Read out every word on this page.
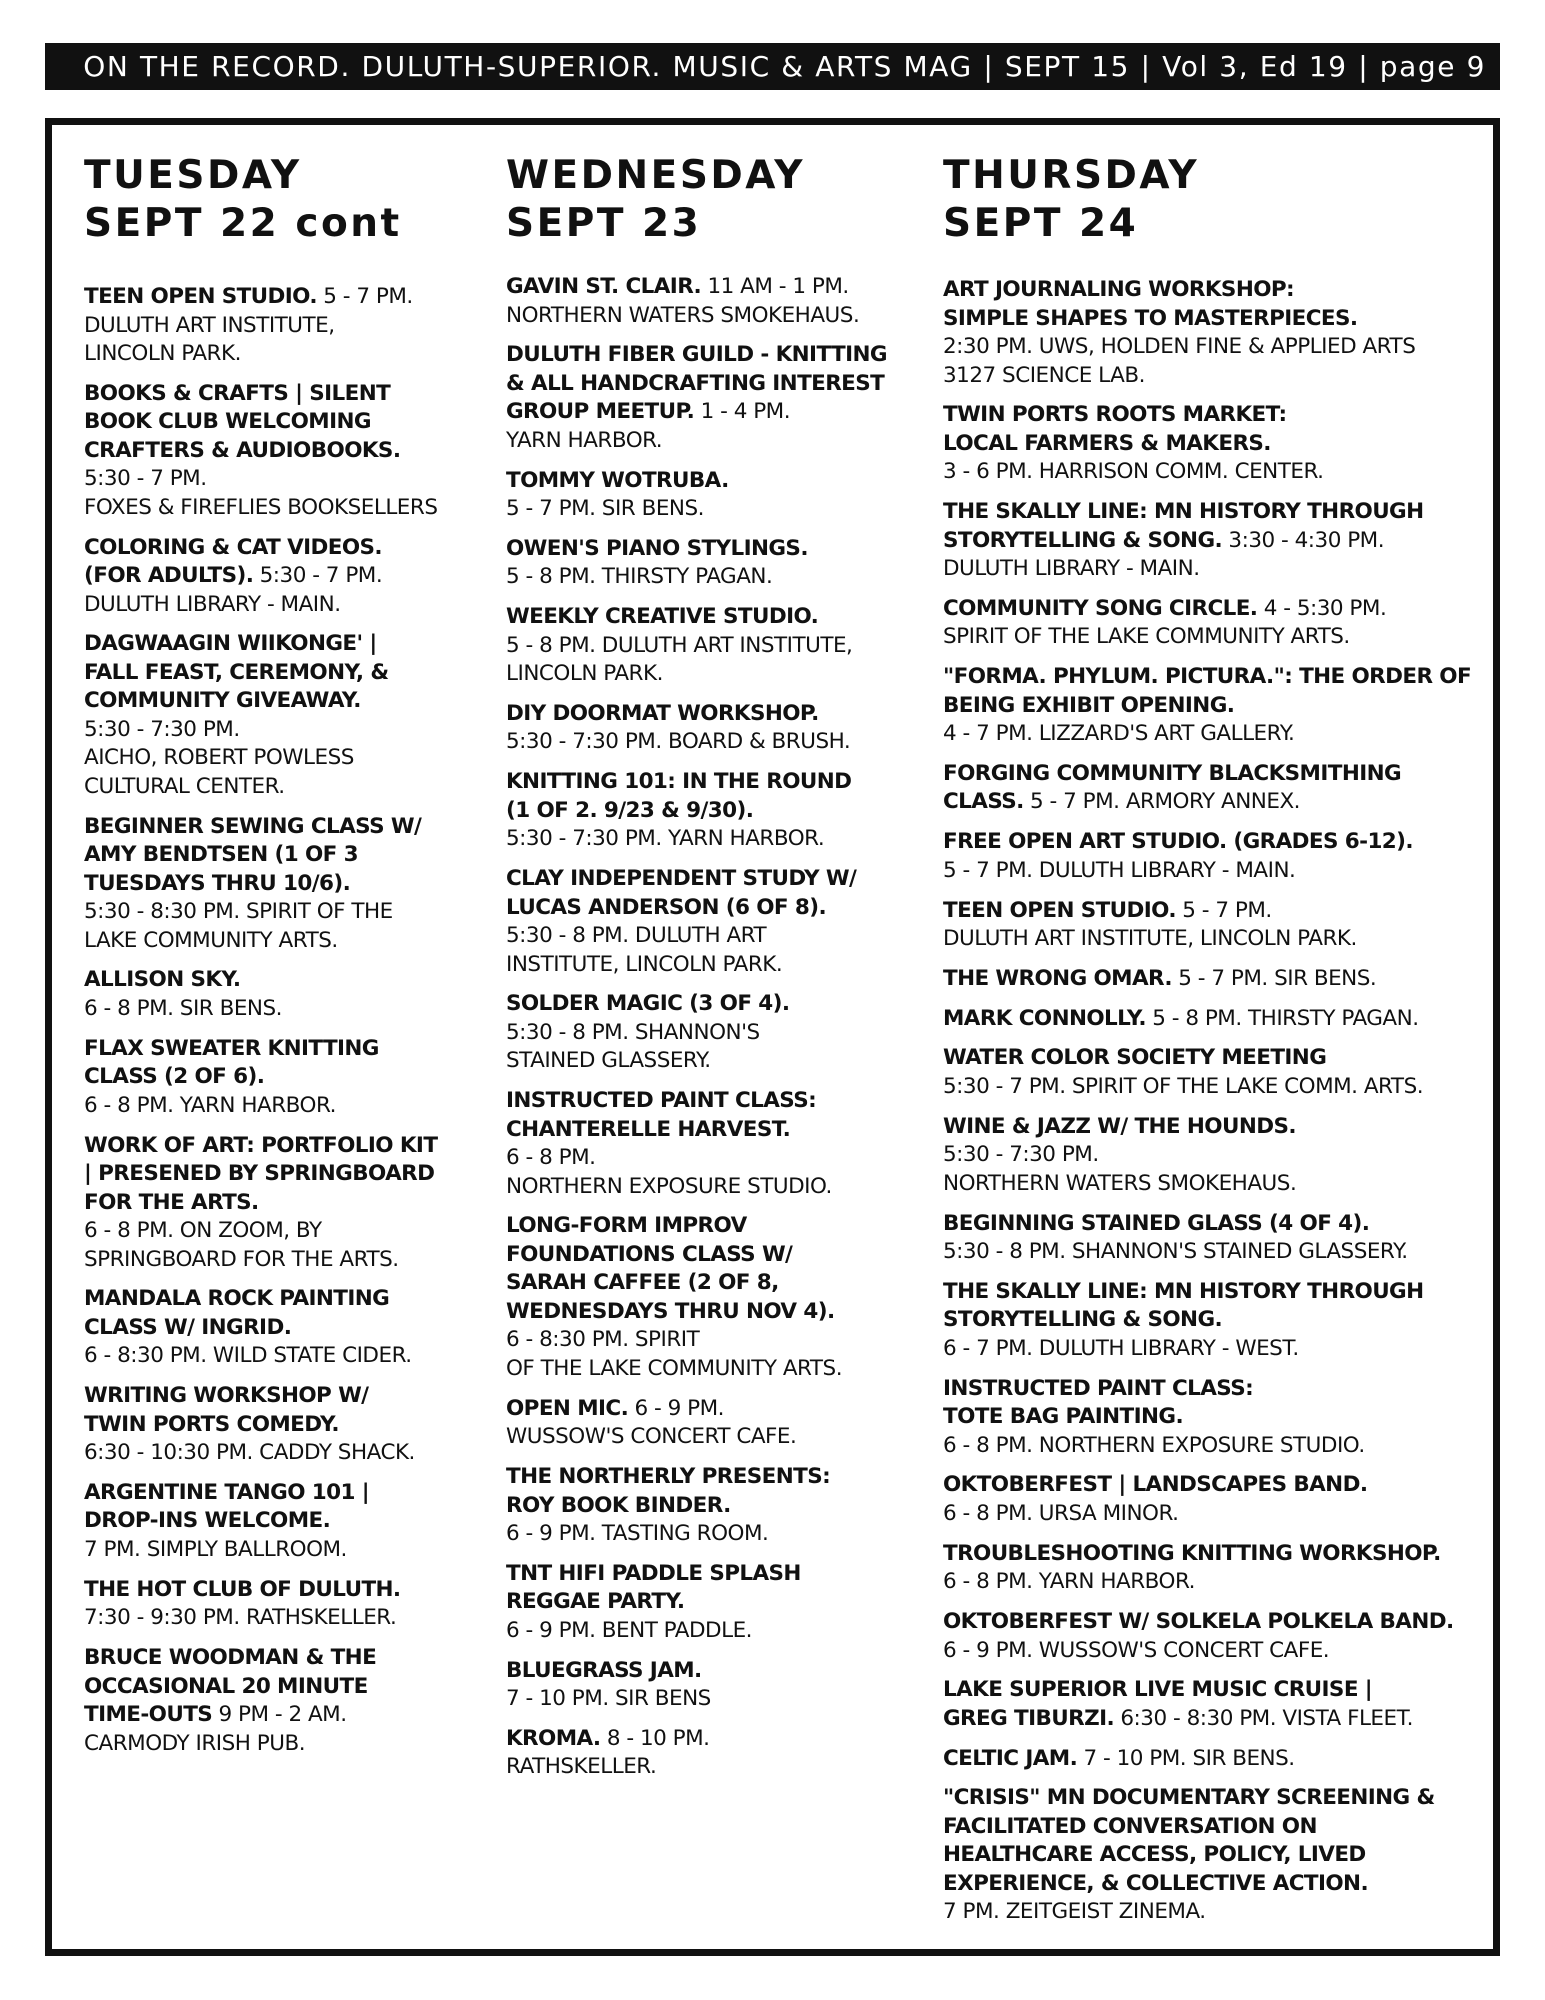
ON THE RECORD. DULUTH-SUPERIOR. MUSIC & ARTS MAG | SEPT 15 | Vol 3, Ed 19 | page 9
TUESDAY
SEPT 22 cont
TEEN OPEN STUDIO. 5 - 7 PM.
DULUTH ART INSTITUTE,
LINCOLN PARK.
BOOKS & CRAFTS | SILENT
BOOK CLUB WELCOMING
CRAFTERS & AUDIOBOOKS.
5:30 - 7 PM.
FOXES & FIREFLIES BOOKSELLERS
COLORING & CAT VIDEOS.
(FOR ADULTS). 5:30 - 7 PM.
DULUTH LIBRARY - MAIN.
DAGWAAGIN WIIKONGE' |
FALL FEAST, CEREMONY, &
COMMUNITY GIVEAWAY.
5:30 - 7:30 PM.
AICHO, ROBERT POWLESS
CULTURAL CENTER.
BEGINNER SEWING CLASS W/
AMY BENDTSEN (1 OF 3
TUESDAYS THRU 10/6).
5:30 - 8:30 PM. SPIRIT OF THE
LAKE COMMUNITY ARTS.
ALLISON SKY.
6 - 8 PM. SIR BENS.
FLAX SWEATER KNITTING
CLASS (2 OF 6).
6 - 8 PM. YARN HARBOR.
WORK OF ART: PORTFOLIO KIT
| PRESENED BY SPRINGBOARD
FOR THE ARTS.
6 - 8 PM. ON ZOOM, BY
SPRINGBOARD FOR THE ARTS.
MANDALA ROCK PAINTING
CLASS W/ INGRID.
6 - 8:30 PM. WILD STATE CIDER.
WRITING WORKSHOP W/
TWIN PORTS COMEDY.
6:30 - 10:30 PM. CADDY SHACK.
ARGENTINE TANGO 101 |
DROP-INS WELCOME.
7 PM. SIMPLY BALLROOM.
THE HOT CLUB OF DULUTH.
7:30 - 9:30 PM. RATHSKELLER.
BRUCE WOODMAN & THE
OCCASIONAL 20 MINUTE
TIME-OUTS 9 PM - 2 AM.
CARMODY IRISH PUB.
WEDNESDAY
SEPT 23
GAVIN ST. CLAIR. 11 AM - 1 PM.
NORTHERN WATERS SMOKEHAUS.
DULUTH FIBER GUILD - KNITTING
& ALL HANDCRAFTING INTEREST
GROUP MEETUP. 1 - 4 PM.
YARN HARBOR.
TOMMY WOTRUBA.
5 - 7 PM. SIR BENS.
OWEN'S PIANO STYLINGS.
5 - 8 PM. THIRSTY PAGAN.
WEEKLY CREATIVE STUDIO.
5 - 8 PM. DULUTH ART INSTITUTE,
LINCOLN PARK.
DIY DOORMAT WORKSHOP.
5:30 - 7:30 PM. BOARD & BRUSH.
KNITTING 101: IN THE ROUND
(1 OF 2. 9/23 & 9/30).
5:30 - 7:30 PM. YARN HARBOR.
CLAY INDEPENDENT STUDY W/
LUCAS ANDERSON (6 OF 8).
5:30 - 8 PM. DULUTH ART
INSTITUTE, LINCOLN PARK.
SOLDER MAGIC (3 OF 4).
5:30 - 8 PM. SHANNON'S
STAINED GLASSERY.
INSTRUCTED PAINT CLASS:
CHANTERELLE HARVEST.
6 - 8 PM.
NORTHERN EXPOSURE STUDIO.
LONG-FORM IMPROV
FOUNDATIONS CLASS W/
SARAH CAFFEE (2 OF 8,
WEDNESDAYS THRU NOV 4).
6 - 8:30 PM. SPIRIT
OF THE LAKE COMMUNITY ARTS.
OPEN MIC. 6 - 9 PM.
WUSSOW'S CONCERT CAFE.
THE NORTHERLY PRESENTS:
ROY BOOK BINDER.
6 - 9 PM. TASTING ROOM.
TNT HIFI PADDLE SPLASH
REGGAE PARTY.
6 - 9 PM. BENT PADDLE.
BLUEGRASS JAM.
7 - 10 PM. SIR BENS
KROMA. 8 - 10 PM.
RATHSKELLER.
THURSDAY
SEPT 24
ART JOURNALING WORKSHOP:
SIMPLE SHAPES TO MASTERPIECES.
2:30 PM. UWS, HOLDEN FINE & APPLIED ARTS
3127 SCIENCE LAB.
TWIN PORTS ROOTS MARKET:
LOCAL FARMERS & MAKERS.
3 - 6 PM. HARRISON COMM. CENTER.
THE SKALLY LINE: MN HISTORY THROUGH
STORYTELLING & SONG. 3:30 - 4:30 PM.
DULUTH LIBRARY - MAIN.
COMMUNITY SONG CIRCLE. 4 - 5:30 PM.
SPIRIT OF THE LAKE COMMUNITY ARTS.
"FORMA. PHYLUM. PICTURA.": THE ORDER OF
BEING EXHIBIT OPENING.
4 - 7 PM. LIZZARD'S ART GALLERY.
FORGING COMMUNITY BLACKSMITHING
CLASS. 5 - 7 PM. ARMORY ANNEX.
FREE OPEN ART STUDIO. (GRADES 6-12).
5 - 7 PM. DULUTH LIBRARY - MAIN.
TEEN OPEN STUDIO. 5 - 7 PM.
DULUTH ART INSTITUTE, LINCOLN PARK.
THE WRONG OMAR. 5 - 7 PM. SIR BENS.
MARK CONNOLLY. 5 - 8 PM. THIRSTY PAGAN.
WATER COLOR SOCIETY MEETING
5:30 - 7 PM. SPIRIT OF THE LAKE COMM. ARTS.
WINE & JAZZ W/ THE HOUNDS.
5:30 - 7:30 PM.
NORTHERN WATERS SMOKEHAUS.
BEGINNING STAINED GLASS (4 OF 4).
5:30 - 8 PM. SHANNON'S STAINED GLASSERY.
THE SKALLY LINE: MN HISTORY THROUGH
STORYTELLING & SONG.
6 - 7 PM. DULUTH LIBRARY - WEST.
INSTRUCTED PAINT CLASS:
TOTE BAG PAINTING.
6 - 8 PM. NORTHERN EXPOSURE STUDIO.
OKTOBERFEST | LANDSCAPES BAND.
6 - 8 PM. URSA MINOR.
TROUBLESHOOTING KNITTING WORKSHOP.
6 - 8 PM. YARN HARBOR.
OKTOBERFEST W/ SOLKELA POLKELA BAND.
6 - 9 PM. WUSSOW'S CONCERT CAFE.
LAKE SUPERIOR LIVE MUSIC CRUISE |
GREG TIBURZI. 6:30 - 8:30 PM. VISTA FLEET.
CELTIC JAM. 7 - 10 PM. SIR BENS.
"CRISIS" MN DOCUMENTARY SCREENING &
FACILITATED CONVERSATION ON
HEALTHCARE ACCESS, POLICY, LIVED
EXPERIENCE, & COLLECTIVE ACTION.
7 PM. ZEITGEIST ZINEMA.
